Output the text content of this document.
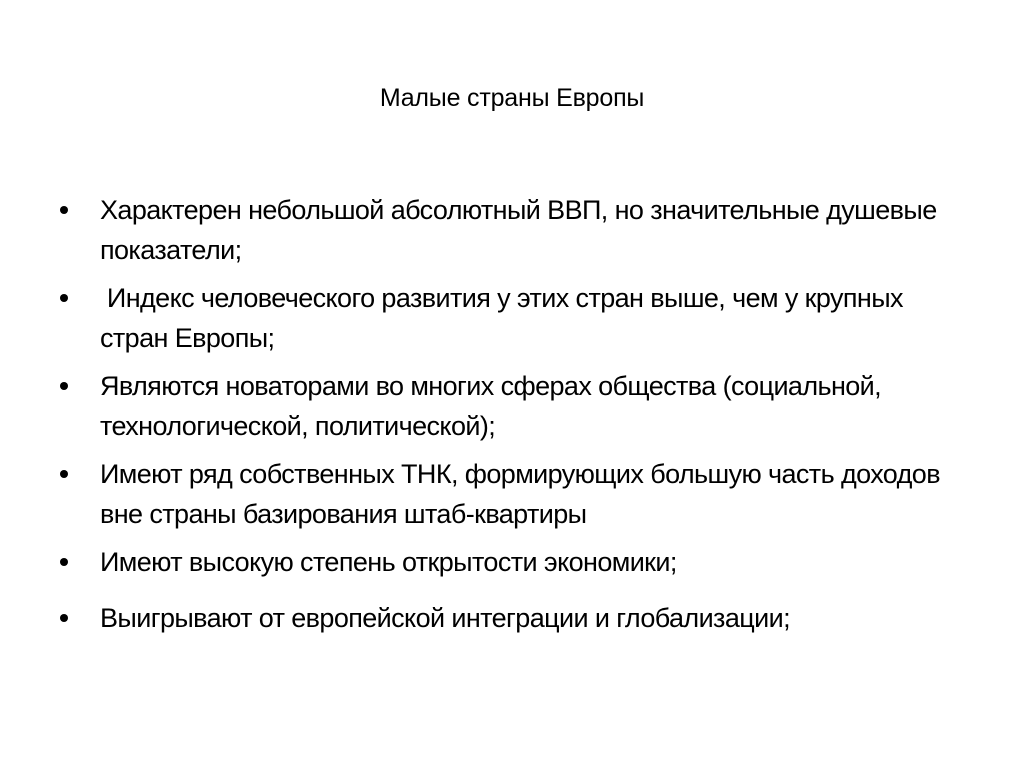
Малые страны Европы
Характерен небольшой абсолютный ВВП, но значительные душевые показатели;
Индекс человеческого развития у этих стран выше, чем у крупных стран Европы;
Являются новаторами во многих сферах общества (социальной, технологической, политической);
Имеют ряд собственных ТНК, формирующих большую часть доходов вне страны базирования штаб-квартиры
Имеют высокую степень открытости экономики;
Выигрывают от европейской интеграции и глобализации;
